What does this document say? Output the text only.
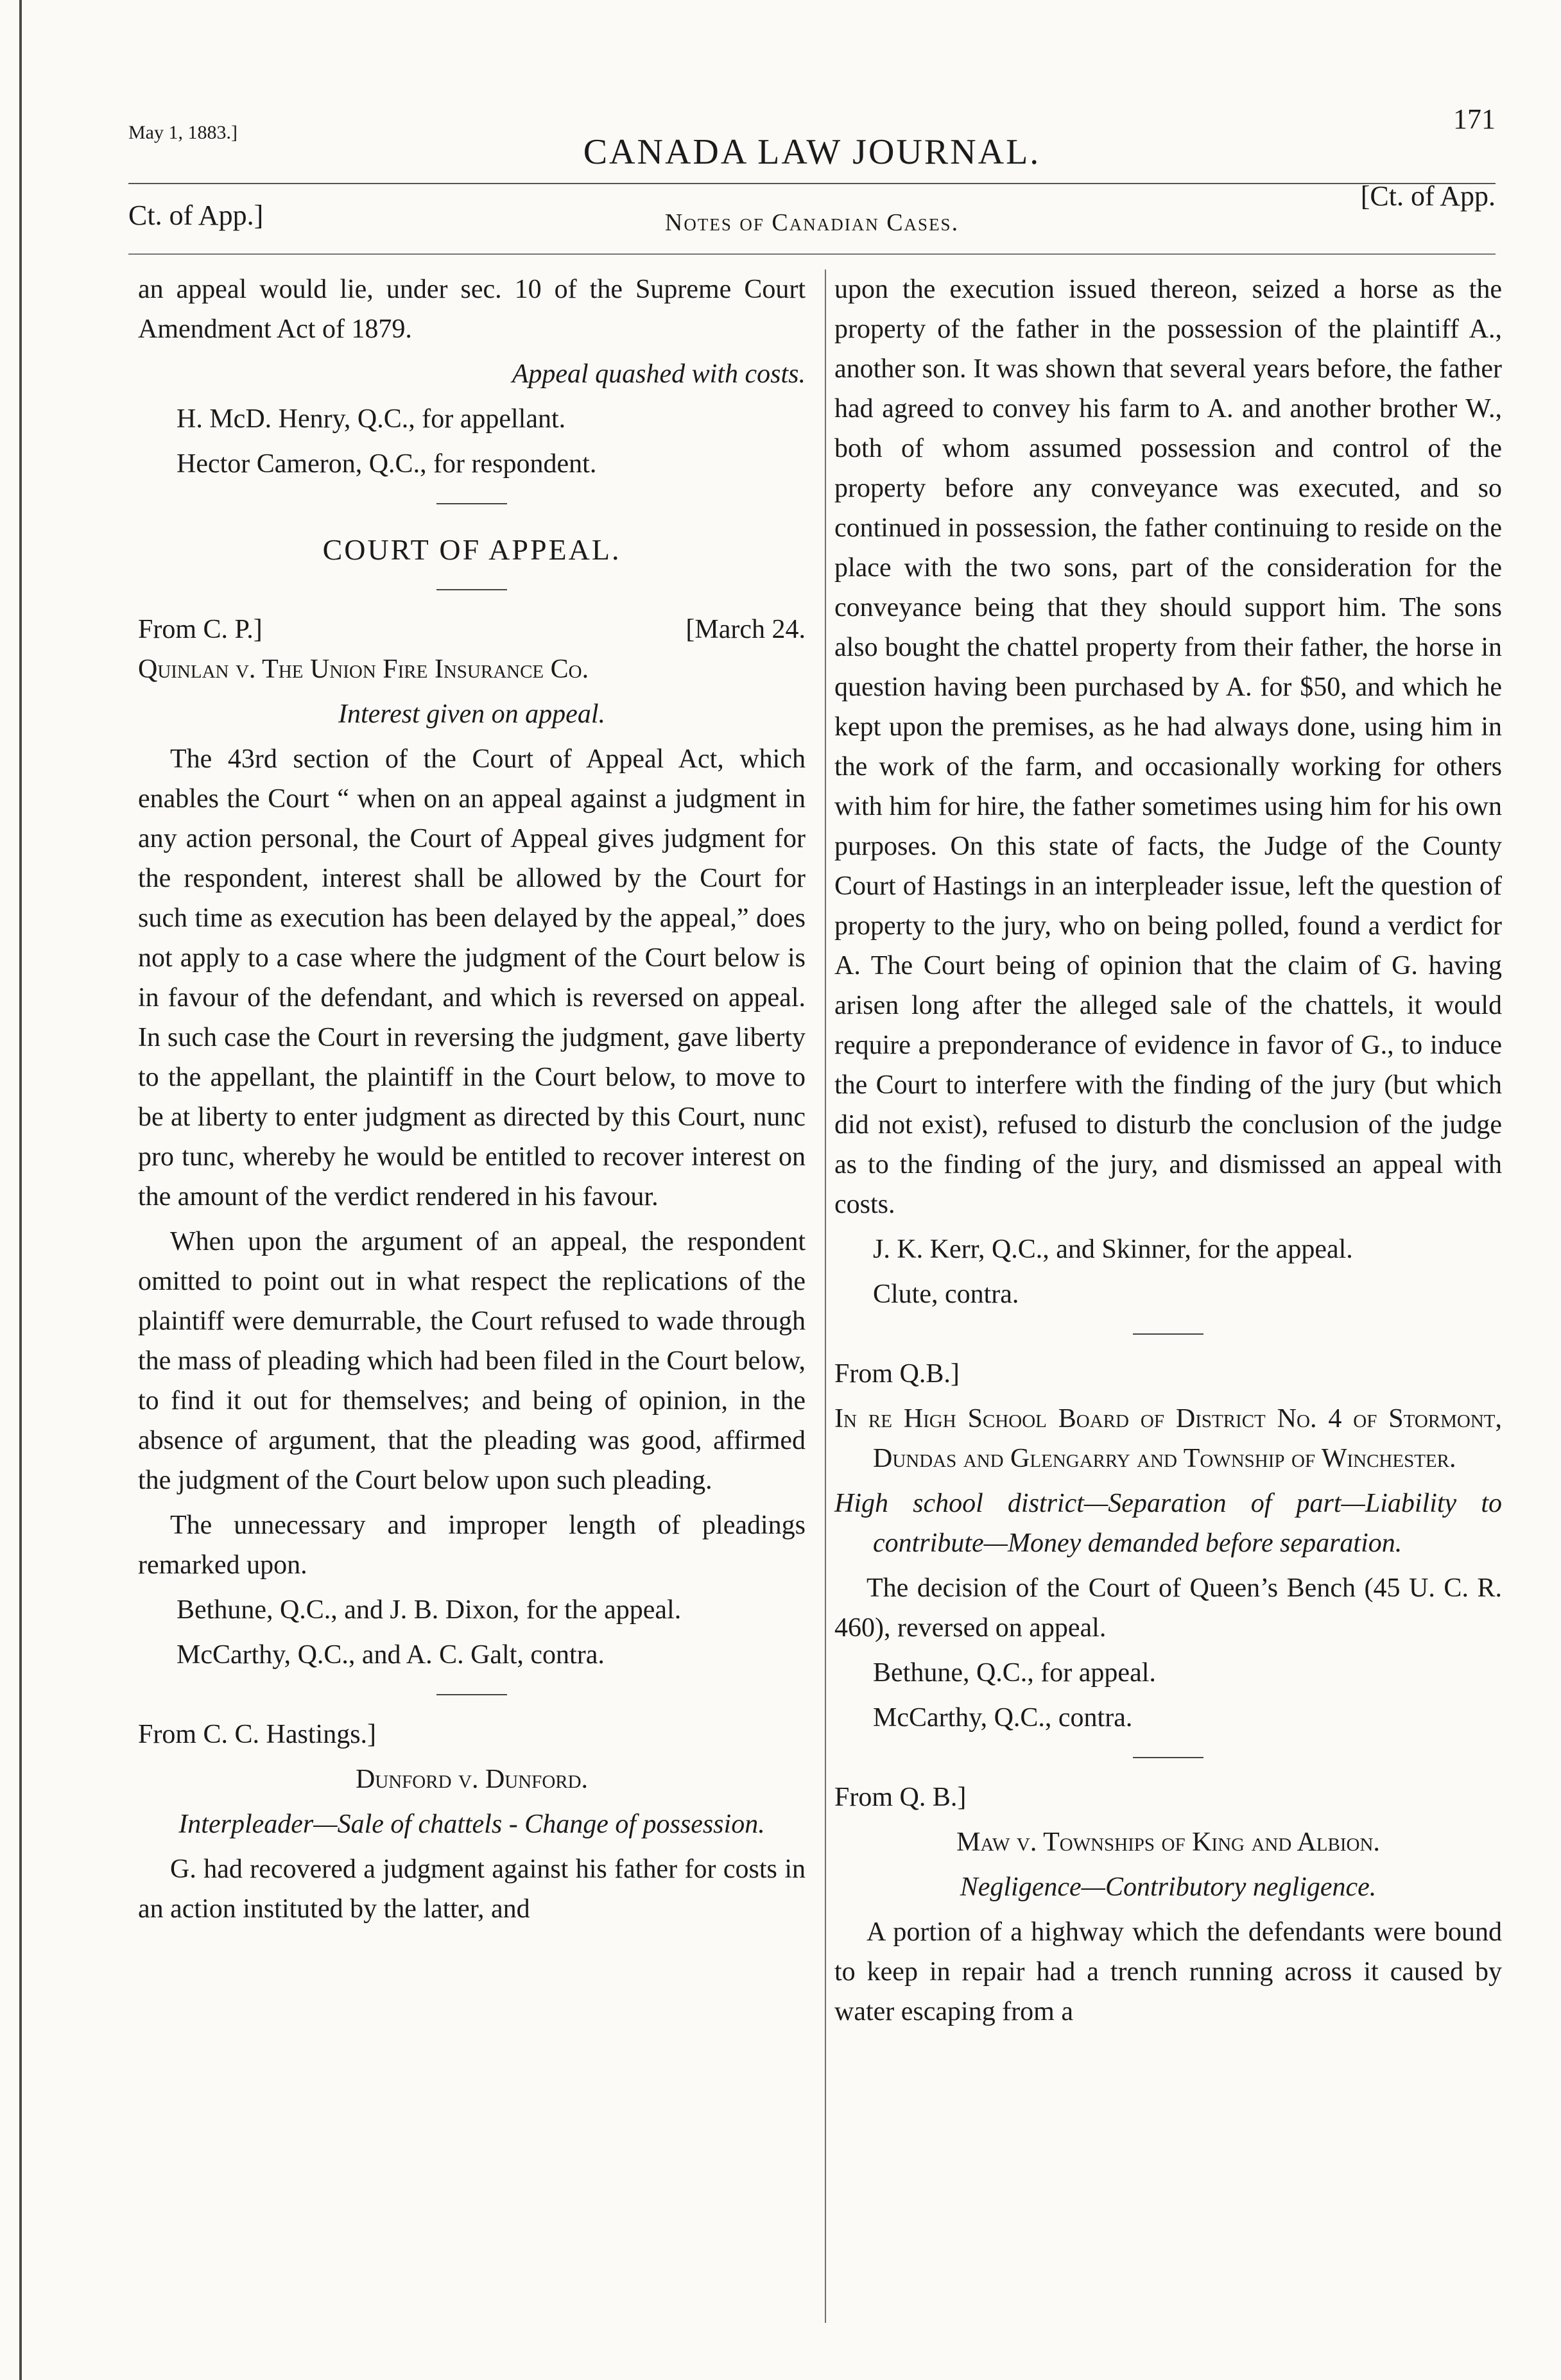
May 1, 1883.]	CANADA LAW JOURNAL.
171
Ct. of App.]	Notes of Canadian Cases.
[Ct. of App.

an appeal would lie, under sec. 10 of the Supreme Court Amendment Act of 1879.

Appeal quashed with costs.

H. McD. Henry, Q.C., for appellant.

Hector Cameron, Q.C., for respondent.

COURT OF APPEAL.
From C. P.]	[March 24.

Quinlan v. The Union Fire Insurance Co.

Interest given on appeal.

The 43rd section of the Court of Appeal Act, which enables the Court “ when on an appeal against a judgment in any action personal, the Court of Appeal gives judgment for the respondent, interest shall be allowed by the Court for such time as execution has been delayed by the appeal,” does not apply to a case where the judgment of the Court below is in favour of the defendant, and which is reversed on appeal. In such case the Court in reversing the judgment, gave liberty to the appellant, the plaintiff in the Court below, to move to be at liberty to enter judgment as directed by this Court, nunc pro tunc, whereby he would be entitled to recover interest on the amount of the verdict rendered in his favour.

When upon the argument of an appeal, the respondent omitted to point out in what respect the replications of the plaintiff were demurrable, the Court refused to wade through the mass of pleading which had been filed in the Court below, to find it out for themselves; and being of opinion, in the absence of argument, that the pleading was good, affirmed the judgment of the Court below upon such pleading.

The unnecessary and improper length of pleadings remarked upon.

Bethune, Q.C., and J. B. Dixon, for the appeal.

McCarthy, Q.C., and A. C. Galt, contra.

From C. C. Hastings.]

Dunford v. Dunford.

Interpleader—Sale of chattels - Change of possession.

G. had recovered a judgment against his father for costs in an action instituted by the latter, and

upon the execution issued thereon, seized a horse as the property of the father in the possession of the plaintiff A., another son. It was shown that several years before, the father had agreed to convey his farm to A. and another brother W., both of whom assumed possession and control of the property before any conveyance was executed, and so continued in possession, the father continuing to reside on the place with the two sons, part of the consideration for the conveyance being that they should support him. The sons also bought the chattel property from their father, the horse in question having been purchased by A. for $50, and which he kept upon the premises, as he had always done, using him in the work of the farm, and occasionally working for others with him for hire, the father sometimes using him for his own purposes. On this state of facts, the Judge of the County Court of Hastings in an interpleader issue, left the question of property to the jury, who on being polled, found a verdict for A. The Court being of opinion that the claim of G. having arisen long after the alleged sale of the chattels, it would require a preponderance of evidence in favor of G., to induce the Court to interfere with the finding of the jury (but which did not exist), refused to disturb the conclusion of the judge as to the finding of the jury, and dismissed an appeal with costs.

J. K. Kerr, Q.C., and Skinner, for the appeal.

Clute, contra.

From Q.B.]

In re High School Board of District No. 4 of Stormont, Dundas and Glengarry and Township of Winchester.

High school district—Separation of part—Liability to contribute—Money demanded before separation.

The decision of the Court of Queen’s Bench (45 U. C. R. 460), reversed on appeal.

Bethune, Q.C., for appeal.

McCarthy, Q.C., contra.

From Q. B.]

Maw v. Townships of King and Albion.

Negligence—Contributory negligence.

A portion of a highway which the defendants were bound to keep in repair had a trench running across it caused by water escaping from a
